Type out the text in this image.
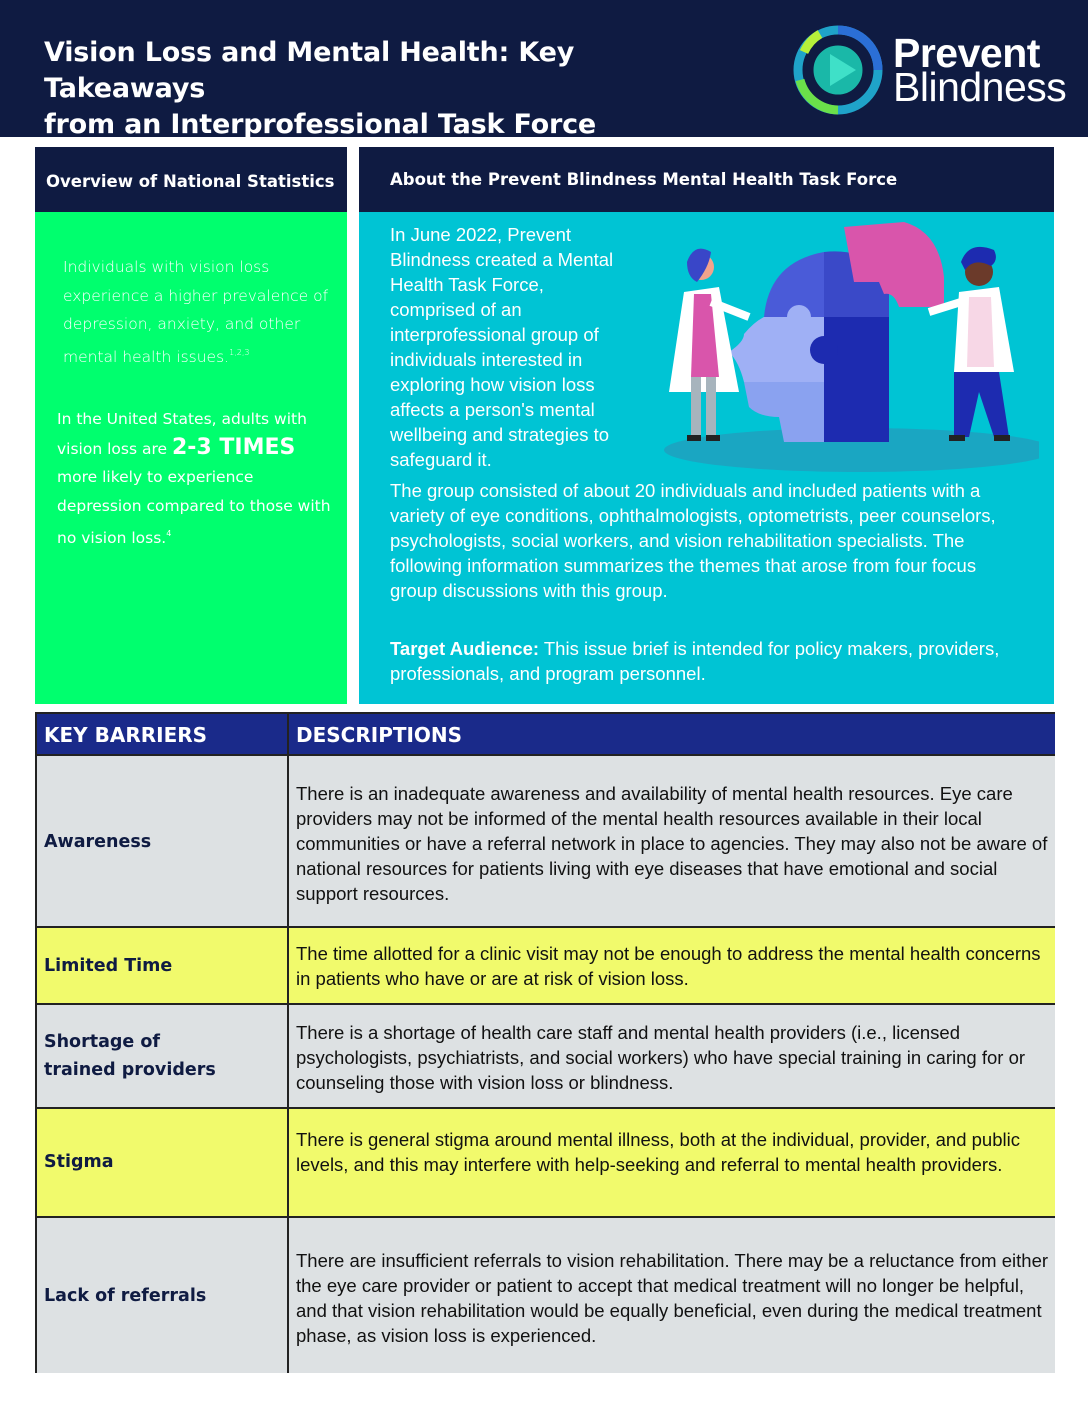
Vision Loss and Mental Health: Key Takeaways
from an Interprofessional Task Force
Prevent
Blindness
Overview of National Statistics
Individuals with vision loss experience a higher prevalence of depression, anxiety, and other mental health issues.$^{1,2,3}$
In the United States, adults with vision loss are 2-3 TIMES more likely to experience depression compared to those with no vision loss.$^4$
About the Prevent Blindness Mental Health Task Force
In June 2022, Prevent Blindness created a Mental Health Task Force, comprised of an interprofessional group of individuals interested in exploring how vision loss affects a person's mental wellbeing and strategies to safeguard it.
The group consisted of about 20 individuals and included patients with a variety of eye conditions, ophthalmologists, optometrists, peer counselors, psychologists, social workers, and vision rehabilitation specialists. The following information summarizes the themes that arose from four focus group discussions with this group.
Target Audience: This issue brief is intended for policy makers, providers, professionals, and program personnel.
KEY BARRIERS	DESCRIPTIONS
Awareness
There is an inadequate awareness and availability of mental health resources. Eye care providers may not be informed of the mental health resources available in their local communities or have a referral network in place to agencies. They may also not be aware of national resources for patients living with eye diseases that have emotional and social support resources.
Limited Time
The time allotted for a clinic visit may not be enough to address the mental health concerns in patients who have or are at risk of vision loss.
Shortage of trained providers
There is a shortage of health care staff and mental health providers (i.e., licensed psychologists, psychiatrists, and social workers) who have special training in caring for or counseling those with vision loss or blindness.
Stigma
There is general stigma around mental illness, both at the individual, provider, and public levels, and this may interfere with help-seeking and referral to mental health providers.
Lack of referrals
There are insufficient referrals to vision rehabilitation. There may be a reluctance from either the eye care provider or patient to accept that medical treatment will no longer be helpful, and that vision rehabilitation would be equally beneficial, even during the medical treatment phase, as vision loss is experienced.
